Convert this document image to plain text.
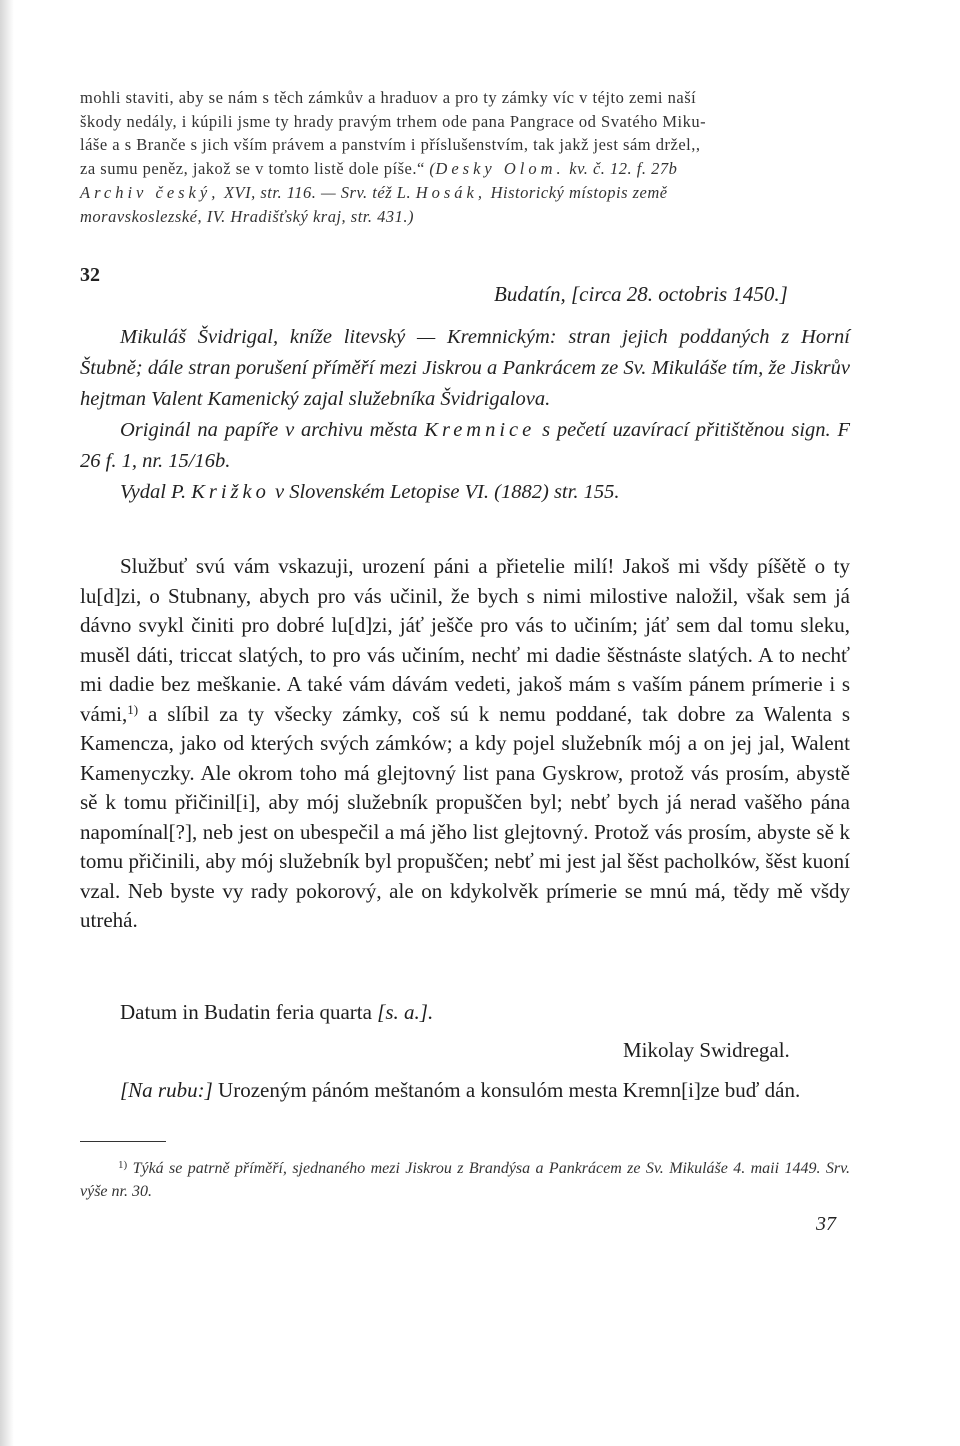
mohli staviti, aby se nám s těch zámkův a hraduov a pro ty zámky víc v téjto zemi naší

škody nedály, i kúpili jsme ty hrady pravým trhem ode pana Pangrace od Svatého Miku-

láše a s Branče s jich vším právem a panstvím i příslušenstvím, tak jakž jest sám držel,,

za sumu peněz, jakož se v tomto listě dole píše.“ (Desky Olom. kv. č. 12. f. 27b

Archiv český, XVI, str. 116. — Srv. též L. Hosák, Historický místopis země

moravskoslezské, IV. Hradišťský kraj, str. 431.)

32
Budatín, [circa 28. octobris 1450.]

Mikuláš Švidrigal, kníže litevský — Kremnickým: stran jejich poddaných z Horní Štubně; dále stran porušení příměří mezi Jiskrou a Pankrácem ze Sv. Mikuláše tím, že Jiskrův hejtman Valent Kamenický zajal služebníka Švidrigalova.

Originál na papíře v archivu města Kremnice s pečetí uzavírací přitištěnou sign. F 26 f. 1, nr. 15/16b.

Vydal P. Križko v Slovenském Letopise VI. (1882) str. 155.

Službuť svú vám vskazuji, urození páni a přietelie milí! Jakoš mi všdy píšětě o ty lu[d]zi, o Stubnany, abych pro vás učinil, že bych s nimi milostive naložil, však sem já dávno svykl činiti pro dobré lu[d]zi, jáť ješče pro vás to učiním; jáť sem dal tomu sleku, musěl dáti, triccat slatých, to pro vás učiním, nechť mi dadie šěstnáste slatých. A to nechť mi dadie bez meškanie. A také vám dávám vedeti, jakoš mám s vaším pánem prímerie i s vámi,$^{1)}$ a slíbil za ty všecky zámky, coš sú k nemu poddané, tak dobre za Walenta s Kamencza, jako od kterých svých zámków; a kdy pojel služebník mój a on jej jal, Walent Kamenyczky. Ale okrom toho má glejtovný list pana Gyskrow, protož vás prosím, abystě sě k tomu přičinil[i], aby mój služebník propuščen byl; nebť bych já nerad vašěho pána napomínal[?], neb jest on ubespečil a má jěho list glejtovný. Protož vás prosím, abyste sě k tomu přičinili, aby mój služebník byl propuščen; nebť mi jest jal šěst pacholków, šěst kuoní vzal. Neb byste vy rady pokorový, ale on kdykolvěk prímerie se mnú má, tědy mě všdy utrehá.

Datum in Budatin feria quarta [s. a.].
Mikolay Swidregal.

[Na rubu:] Urozeným pánóm meštanóm a konsulóm mesta Kremn[i]ze buď dán.

$^{1)}$ Týká se patrně příměří, sjednaného mezi Jiskrou z Brandýsa a Pankrácem ze Sv. Mikuláše 4. maii 1449. Srv. výše nr. 30.

37
